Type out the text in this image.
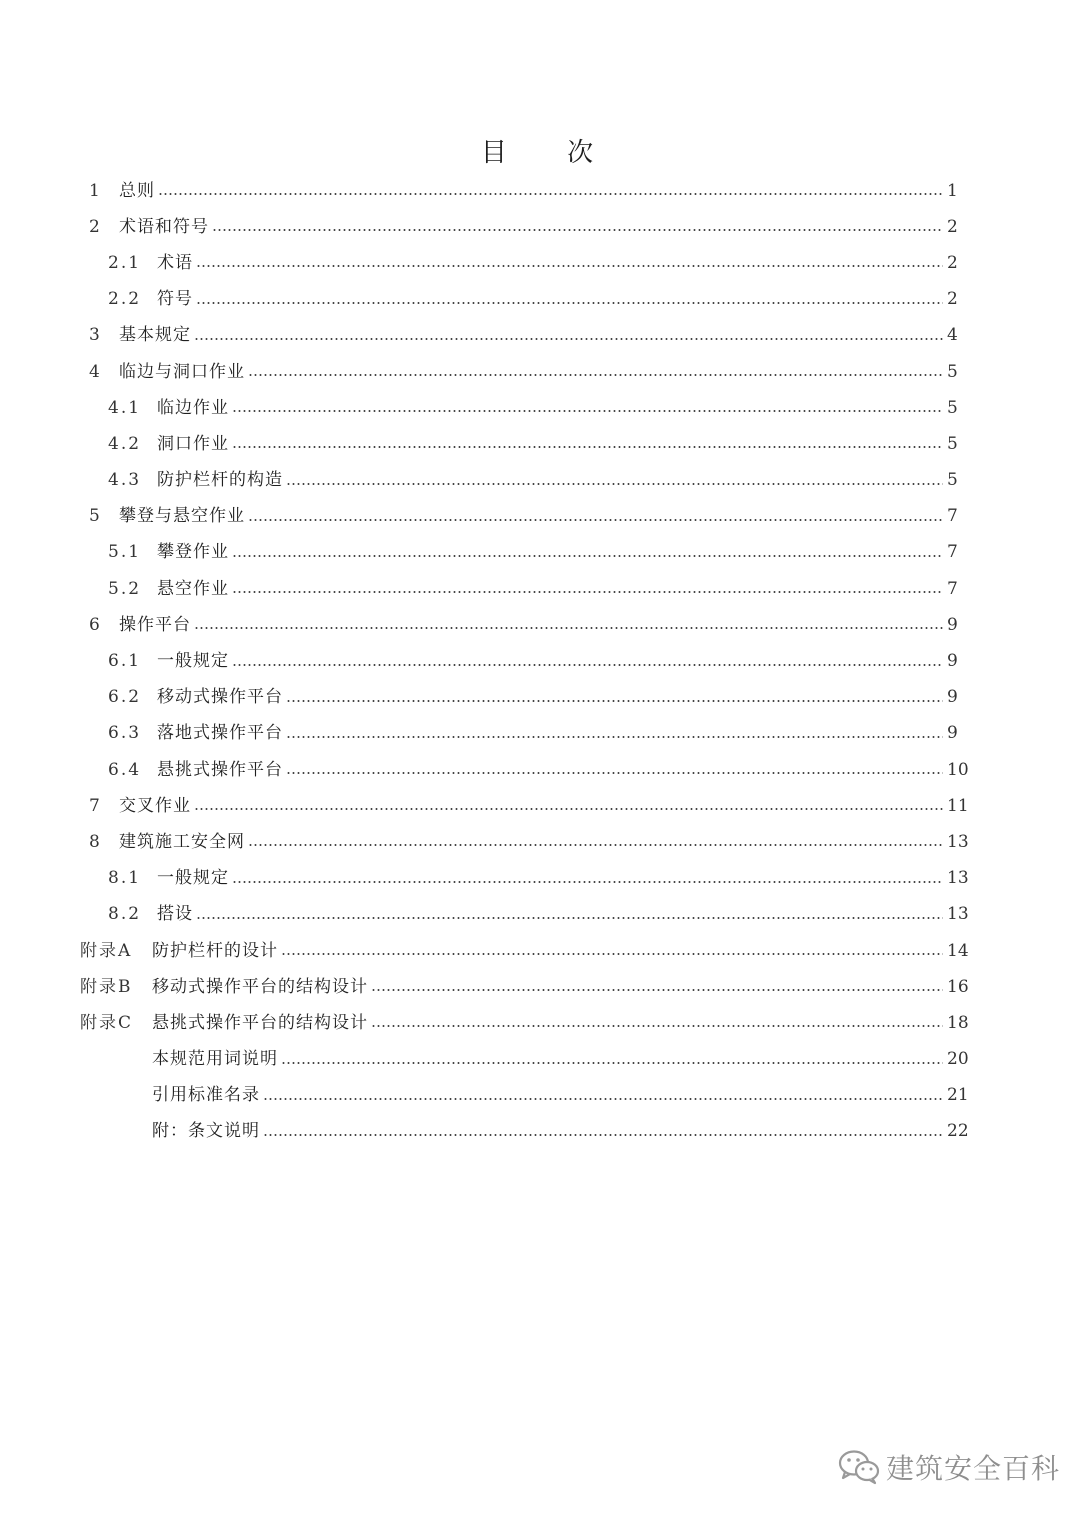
目 次
1	总则	1
2	术语和符号	2
2.1 术语	2
2.2 符号	2
3	基本规定	4
4	临边与洞口作业	5
4.1 临边作业	5
4.2 洞口作业	5
4.3 防护栏杆的构造	5
5	攀登与悬空作业	7
5.1 攀登作业	7
5.2 悬空作业	7
6	操作平台	9
6.1 一般规定	9
6.2 移动式操作平台	9
6.3 落地式操作平台	9
6.4 悬挑式操作平台	10
7	交叉作业	11
8	建筑施工安全网	13
8.1 一般规定	13
8.2 搭设	13
附录A	防护栏杆的设计	14
附录B	移动式操作平台的结构设计	16
附录C	悬挑式操作平台的结构设计	18
本规范用词说明	20
引用标准名录	21
附：条文说明	22
建筑安全百科
